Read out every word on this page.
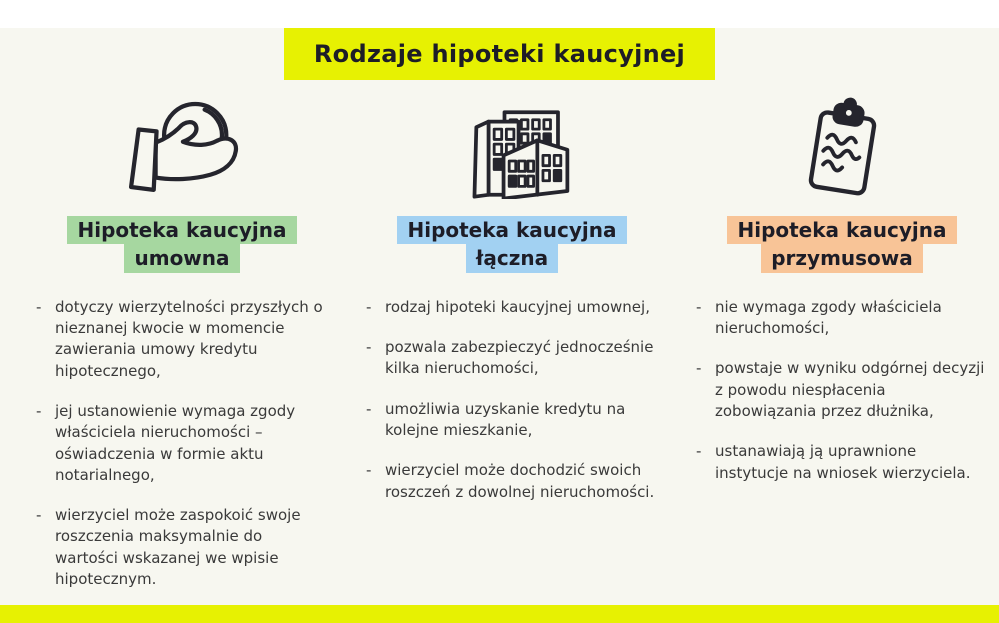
Rodzaje hipoteki kaucyjnej
Hipoteka kaucyjna
umowna
- dotyczy wierzytelności przyszłych o nieznanej kwocie w momencie zawierania umowy kredytu hipotecznego,
- jej ustanowienie wymaga zgody właściciela nieruchomości – oświadczenia w formie aktu notarialnego,
- wierzyciel może zaspokoić swoje roszczenia maksymalnie do wartości wskazanej we wpisie hipotecznym.
Hipoteka kaucyjna
łączna
- rodzaj hipoteki kaucyjnej umownej,
- pozwala zabezpieczyć jednocześnie kilka nieruchomości,
- umożliwia uzyskanie kredytu na kolejne mieszkanie,
- wierzyciel może dochodzić swoich roszczeń z dowolnej nieruchomości.
Hipoteka kaucyjna
przymusowa
- nie wymaga zgody właściciela nieruchomości,
- powstaje w wyniku odgórnej decyzji z powodu niespłacenia zobowiązania przez dłużnika,
- ustanawiają ją uprawnione instytucje na wniosek wierzyciela.
